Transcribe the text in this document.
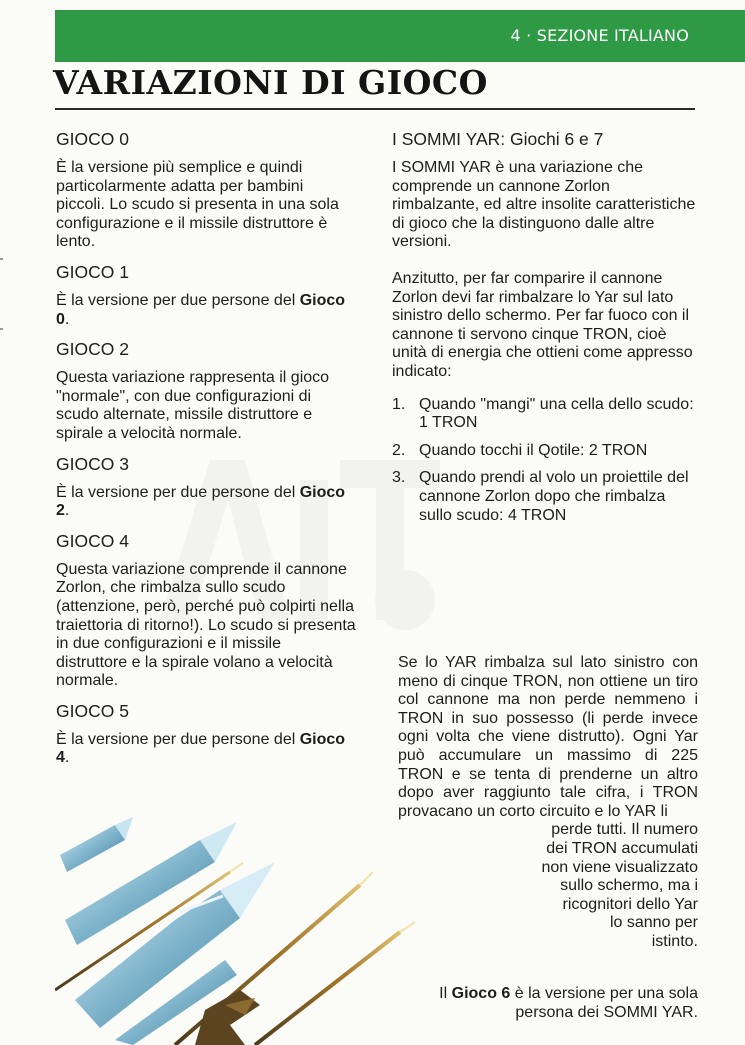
4 · SEZIONE ITALIANO
VARIAZIONI DI GIOCO
GIOCO 0

È la versione più semplice e quindi particolarmente adatta per bambini piccoli. Lo scudo si presenta in una sola configurazione e il missile distruttore è lento.

GIOCO 1

È la versione per due persone del Gioco 0.

GIOCO 2

Questa variazione rappresenta il gioco "normale", con due configurazioni di scudo alternate, missile distruttore e spirale a velocità normale.

GIOCO 3

È la versione per due persone del Gioco 2.

GIOCO 4

Questa variazione comprende il cannone Zorlon, che rimbalza sullo scudo (attenzione, però, perché può colpirti nella traiettoria di ritorno!). Lo scudo si presenta in due configurazioni e il missile distruttore e la spirale volano a velocità normale.

GIOCO 5

È la versione per due persone del Gioco 4.

I SOMMI YAR: Giochi 6 e 7

I SOMMI YAR è una variazione che comprende un cannone Zorlon rimbalzante, ed altre insolite caratteristiche di gioco che la distinguono dalle altre versioni.

Anzitutto, per far comparire il cannone Zorlon devi far rimbalzare lo Yar sul lato sinistro dello schermo. Per far fuoco con il cannone ti servono cinque TRON, cioè unità di energia che ottieni come appresso indicato:

1. Quando "mangi" una cella dello scudo: 1 TRON
2. Quando tocchi il Qotile: 2 TRON
3. Quando prendi al volo un proiettile del cannone Zorlon dopo che rimbalza sullo scudo: 4 TRON
Se lo YAR rimbalza sul lato sinistro con meno di cinque TRON, non ottiene un tiro col cannone ma non perde nemmeno i TRON in suo possesso (li perde invece ogni volta che viene distrutto). Ogni Yar può accumulare un massimo di 225 TRON e se tenta di prenderne un altro dopo aver raggiunto tale cifra, i TRON provacano un corto circuito e lo YAR li
perde tutti. Il numero
dei TRON accumulati
non viene visualizzato
sullo schermo, ma i
ricognitori dello Yar
lo sanno per
istinto.
Il Gioco 6 è la versione per una sola persona dei SOMMI YAR.
